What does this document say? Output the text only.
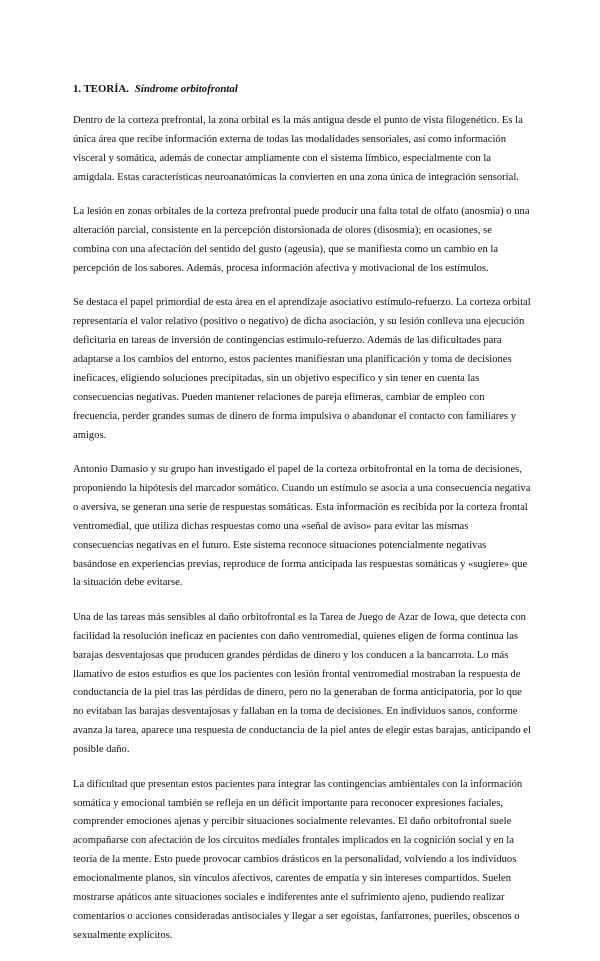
1. TEORÍA. Síndrome orbitofrontal

Dentro de la corteza prefrontal, la zona orbital es la más antigua desde el punto de vista filogenético. Es la única área que recibe información externa de todas las modalidades sensoriales, así como información visceral y somática, además de conectar ampliamente con el sistema límbico, especialmente con la amígdala. Estas características neuroanatómicas la convierten en una zona única de integración sensorial.

La lesión en zonas orbitales de la corteza prefrontal puede producir una falta total de olfato (anosmia) o una alteración parcial, consistente en la percepción distorsionada de olores (disosmia); en ocasiones, se combina con una afectación del sentido del gusto (ageusia), que se manifiesta como un cambio en la percepción de los sabores. Además, procesa información afectiva y motivacional de los estímulos.

Se destaca el papel primordial de esta área en el aprendizaje asociativo estímulo-refuerzo. La corteza orbital representaría el valor relativo (positivo o negativo) de dicha asociación, y su lesión conlleva una ejecución deficitaria en tareas de inversión de contingencias estímulo-refuerzo. Además de las dificultades para adaptarse a los cambios del entorno, estos pacientes manifiestan una planificación y toma de decisiones ineficaces, eligiendo soluciones precipitadas, sin un objetivo específico y sin tener en cuenta las consecuencias negativas. Pueden mantener relaciones de pareja efímeras, cambiar de empleo con frecuencia, perder grandes sumas de dinero de forma impulsiva o abandonar el contacto con familiares y amigos.

Antonio Damasio y su grupo han investigado el papel de la corteza orbitofrontal en la toma de decisiones, proponiendo la hipótesis del marcador somático. Cuando un estímulo se asocia a una consecuencia negativa o aversiva, se generan una serie de respuestas somáticas. Esta información es recibida por la corteza frontal ventromedial, que utiliza dichas respuestas como una «señal de aviso» para evitar las mismas consecuencias negativas en el futuro. Este sistema reconoce situaciones potencialmente negativas basándose en experiencias previas, reproduce de forma anticipada las respuestas somáticas y «sugiere» que la situación debe evitarse.

Una de las tareas más sensibles al daño orbitofrontal es la Tarea de Juego de Azar de Iowa, que detecta con facilidad la resolución ineficaz en pacientes con daño ventromedial, quienes eligen de forma continua las barajas desventajosas que producen grandes pérdidas de dinero y los conducen a la bancarrota. Lo más llamativo de estos estudios es que los pacientes con lesión frontal ventromedial mostraban la respuesta de conductancia de la piel tras las pérdidas de dinero, pero no la generaban de forma anticipatoria, por lo que no evitaban las barajas desventajosas y fallaban en la toma de decisiones. En individuos sanos, conforme avanza la tarea, aparece una respuesta de conductancia de la piel antes de elegir estas barajas, anticipando el posible daño.

La dificultad que presentan estos pacientes para integrar las contingencias ambientales con la información somática y emocional también se refleja en un déficit importante para reconocer expresiones faciales, comprender emociones ajenas y percibir situaciones socialmente relevantes. El daño orbitofrontal suele acompañarse con afectación de los circuitos mediales frontales implicados en la cognición social y en la teoría de la mente. Esto puede provocar cambios drásticos en la personalidad, volviendo a los individuos emocionalmente planos, sin vínculos afectivos, carentes de empatía y sin intereses compartidos. Suelen mostrarse apáticos ante situaciones sociales e indiferentes ante el sufrimiento ajeno, pudiendo realizar comentarios o acciones consideradas antisociales y llegar a ser egoístas, fanfarrones, pueriles, obscenos o sexualmente explícitos.
